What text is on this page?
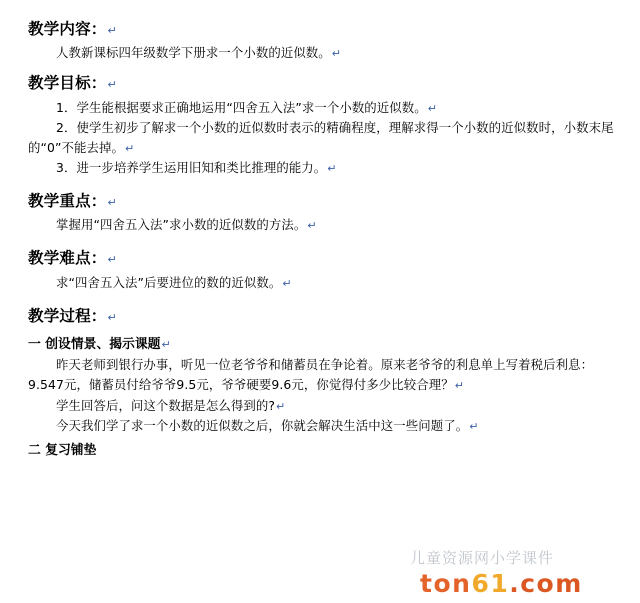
教学内容：↵
人教新课标四年级数学下册求一个小数的近似数。↵
教学目标：↵
1．学生能根据要求正确地运用“四舍五入法”求一个小数的近似数。↵
2．使学生初步了解求一个小数的近似数时表示的精确程度，理解求得一个小数的近似数时，小数末尾的“0”不能去掉。↵
3．进一步培养学生运用旧知和类比推理的能力。↵
教学重点：↵
掌握用“四舍五入法”求小数的近似数的方法。↵
教学难点：↵
求“四舍五入法”后要进位的数的近似数。↵
教学过程：↵
一 创设情景、揭示课题↵
昨天老师到银行办事，听见一位老爷爷和储蓄员在争论着。原来老爷爷的利息单上写着税后利息：9.547元，储蓄员付给爷爷9.5元，爷爷硬要9.6元，你觉得付多少比较合理？↵
学生回答后，问这个数据是怎么得到的?↵
今天我们学了求一个小数的近似数之后，你就会解决生活中这一些问题了。↵
二 复习铺垫
儿童资源网小学课件
ton61.com
